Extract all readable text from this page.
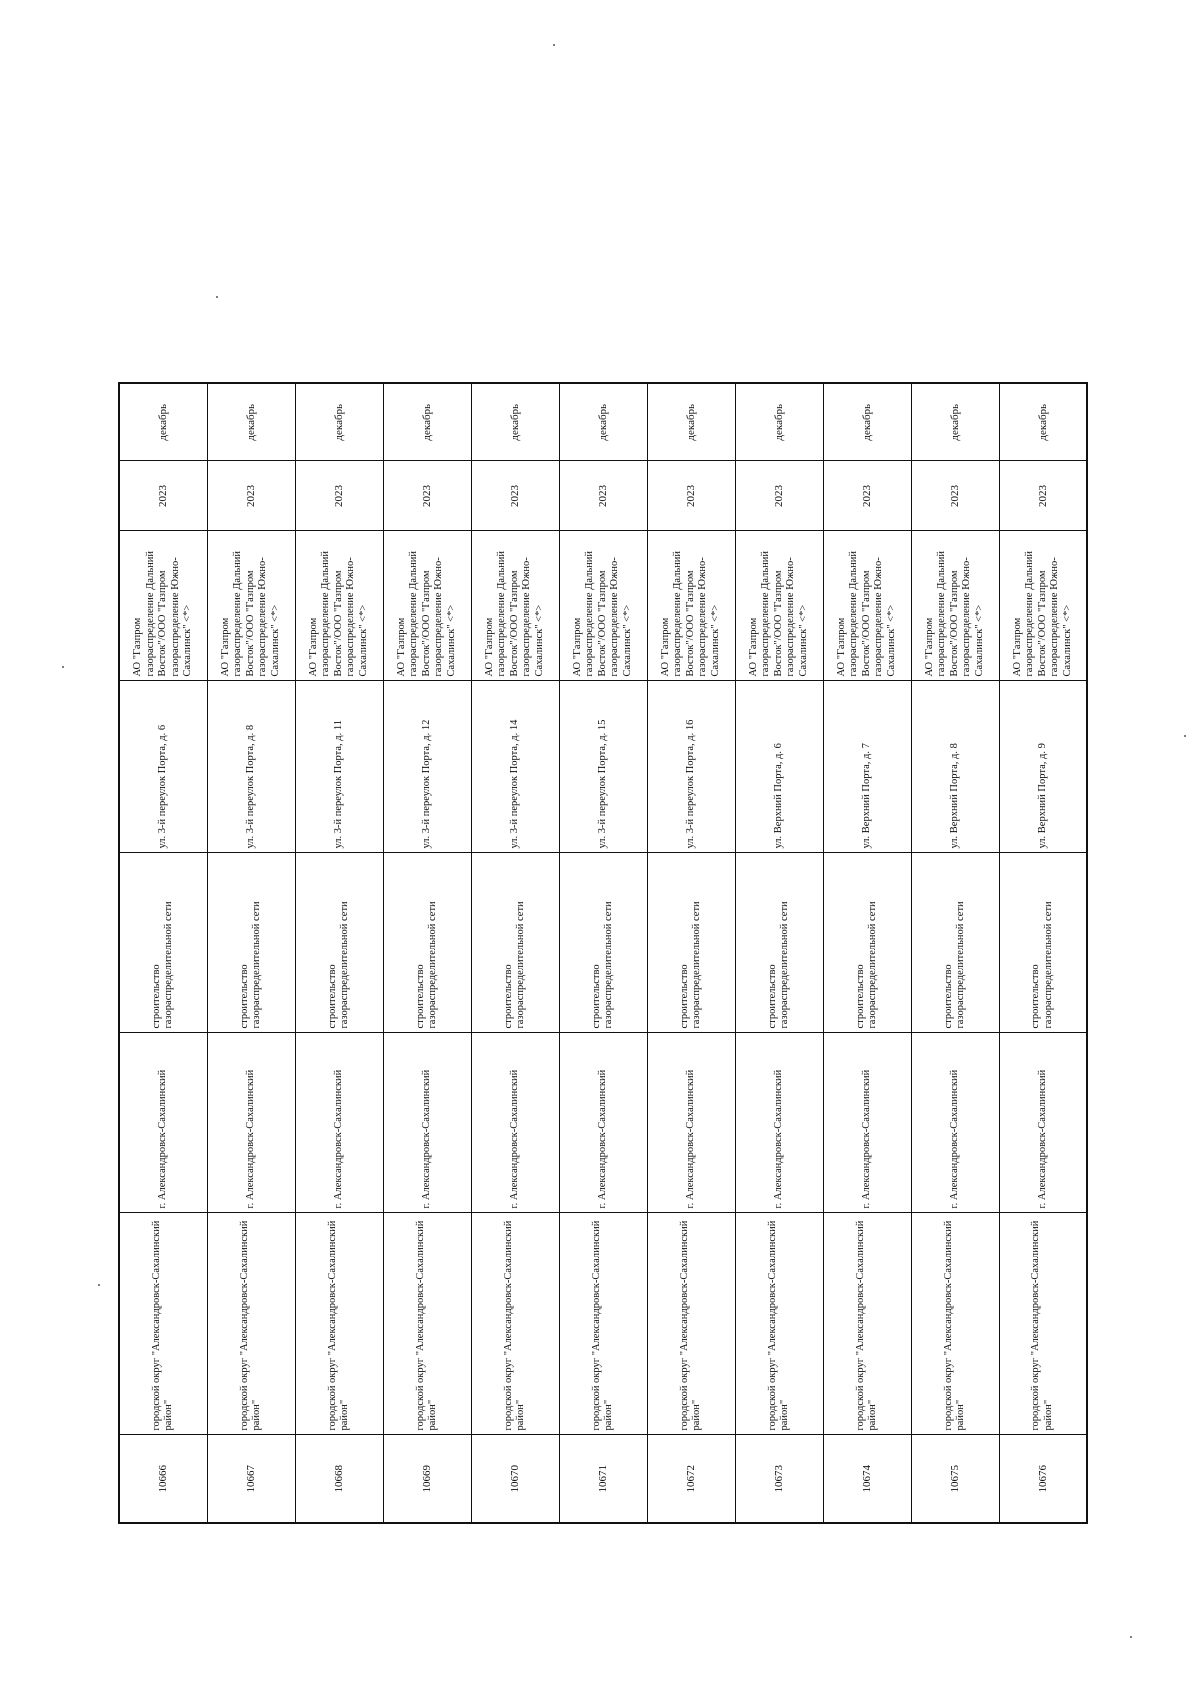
10666	городской округ "Александровск-Сахалинский район"	г. Александровск-Сахалинский	строительство газораспределительной сети	ул. 3-й переулок Порта, д. 6	АО "Газпром газораспределение Дальний Восток"/ООО "Газпром газораспределение Южно-Сахалинск" <*>	2023	декабрь
10667	городской округ "Александровск-Сахалинский район"	г. Александровск-Сахалинский	строительство газораспределительной сети	ул. 3-й переулок Порта, д. 8	АО "Газпром газораспределение Дальний Восток"/ООО "Газпром газораспределение Южно-Сахалинск" <*>	2023	декабрь
10668	городской округ "Александровск-Сахалинский район"	г. Александровск-Сахалинский	строительство газораспределительной сети	ул. 3-й переулок Порта, д. 11	АО "Газпром газораспределение Дальний Восток"/ООО "Газпром газораспределение Южно-Сахалинск" <*>	2023	декабрь
10669	городской округ "Александровск-Сахалинский район"	г. Александровск-Сахалинский	строительство газораспределительной сети	ул. 3-й переулок Порта, д. 12	АО "Газпром газораспределение Дальний Восток"/ООО "Газпром газораспределение Южно-Сахалинск" <*>	2023	декабрь
10670	городской округ "Александровск-Сахалинский район"	г. Александровск-Сахалинский	строительство газораспределительной сети	ул. 3-й переулок Порта, д. 14	АО "Газпром газораспределение Дальний Восток"/ООО "Газпром газораспределение Южно-Сахалинск" <*>	2023	декабрь
10671	городской округ "Александровск-Сахалинский район"	г. Александровск-Сахалинский	строительство газораспределительной сети	ул. 3-й переулок Порта, д. 15	АО "Газпром газораспределение Дальний Восток"/ООО "Газпром газораспределение Южно-Сахалинск" <*>	2023	декабрь
10672	городской округ "Александровск-Сахалинский район"	г. Александровск-Сахалинский	строительство газораспределительной сети	ул. 3-й переулок Порта, д. 16	АО "Газпром газораспределение Дальний Восток"/ООО "Газпром газораспределение Южно-Сахалинск" <*>	2023	декабрь
10673	городской округ "Александровск-Сахалинский район"	г. Александровск-Сахалинский	строительство газораспределительной сети	ул. Верхний Порта, д. 6	АО "Газпром газораспределение Дальний Восток"/ООО "Газпром газораспределение Южно-Сахалинск" <*>	2023	декабрь
10674	городской округ "Александровск-Сахалинский район"	г. Александровск-Сахалинский	строительство газораспределительной сети	ул. Верхний Порта, д. 7	АО "Газпром газораспределение Дальний Восток"/ООО "Газпром газораспределение Южно-Сахалинск" <*>	2023	декабрь
10675	городской округ "Александровск-Сахалинский район"	г. Александровск-Сахалинский	строительство газораспределительной сети	ул. Верхний Порта, д. 8	АО "Газпром газораспределение Дальний Восток"/ООО "Газпром газораспределение Южно-Сахалинск" <*>	2023	декабрь
10676	городской округ "Александровск-Сахалинский район"	г. Александровск-Сахалинский	строительство газораспределительной сети	ул. Верхний Порта, д. 9	АО "Газпром газораспределение Дальний Восток"/ООО "Газпром газораспределение Южно-Сахалинск" <*>	2023	декабрь
